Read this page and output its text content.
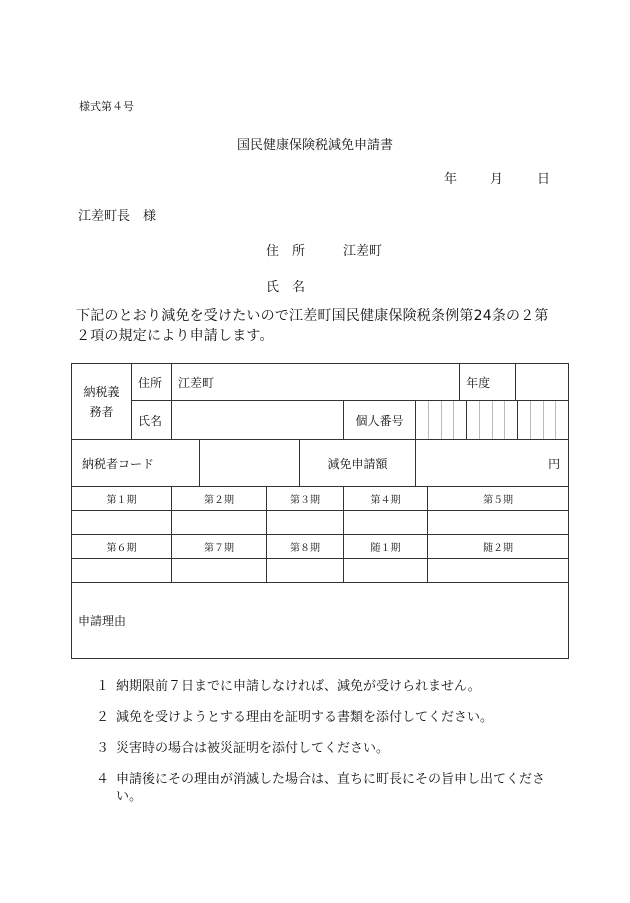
様式第４号
国民健康保険税減免申請書
年	月	日
江差町長　様
住　所	江差町
氏　名
下記のとおり減免を受けたいので江差町国民健康保険税条例第24条の２第２項の規定により申請します。
納税義務者	住所	江差町							年度	
	氏名					個人番号				

納税者コード					減免申請額		円			
第１期		第２期		第３期		第４期		第５期		

第６期		第７期		第８期		随１期		随２期		

申請理由										
１ 納期限前７日までに申請しなければ、減免が受けられません。
２ 減免を受けようとする理由を証明する書類を添付してください。
３ 災害時の場合は被災証明を添付してください。
４ 申請後にその理由が消滅した場合は、直ちに町長にその旨申し出てください。
